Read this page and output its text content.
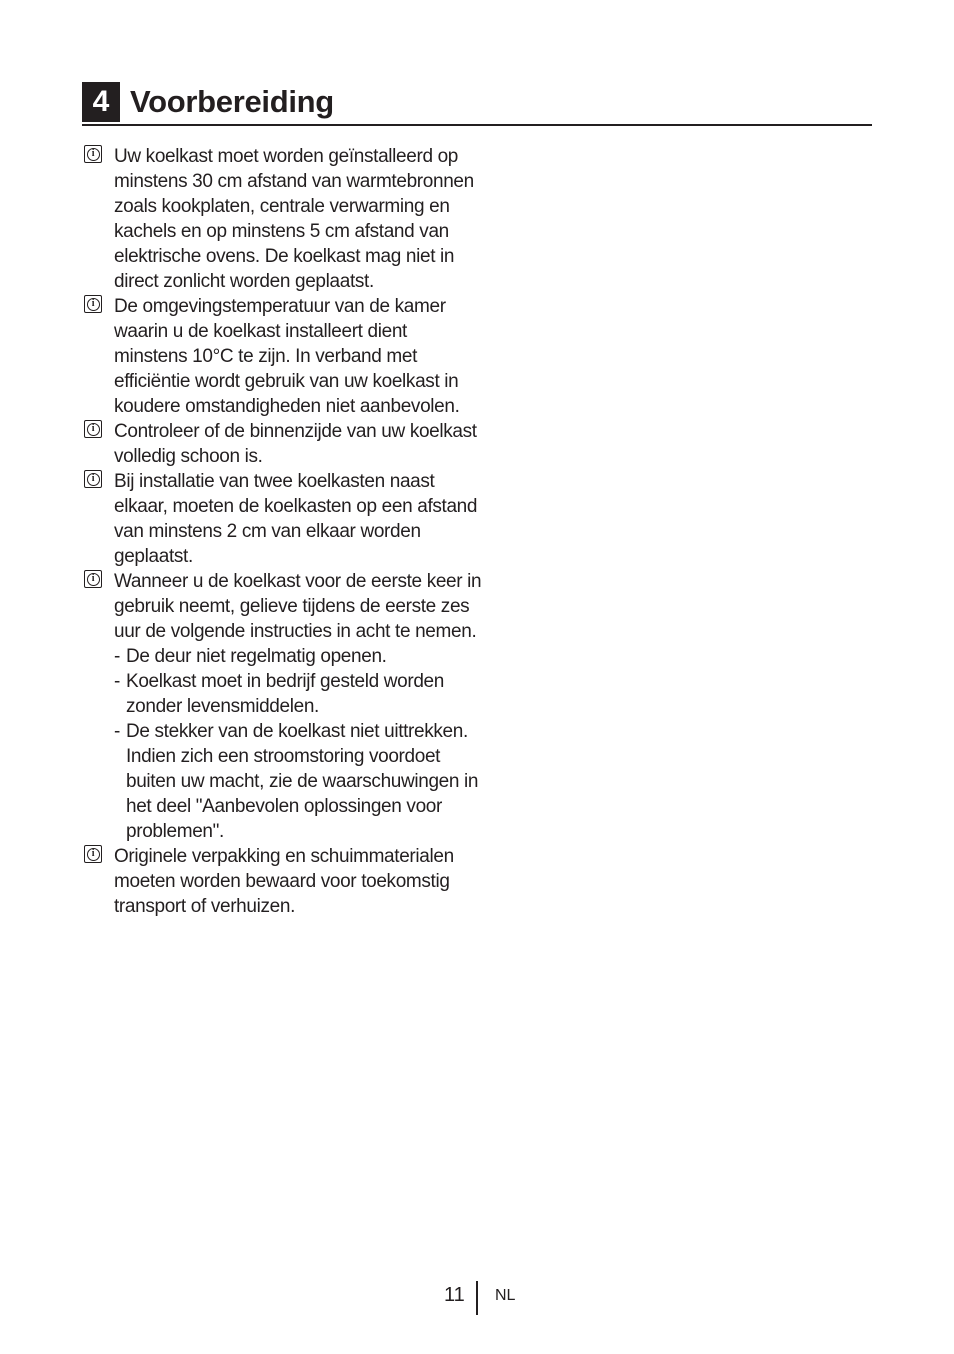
4 Voorbereiding
i Uw koelkast moet worden geïnstalleerd op minstens 30 cm afstand van warmtebronnen zoals kookplaten, centrale verwarming en kachels en op minstens 5 cm afstand van elektrische ovens. De koelkast mag niet in direct zonlicht worden geplaatst.
i De omgevingstemperatuur van de kamer waarin u de koelkast installeert dient minstens 10°C te zijn. In verband met efficiëntie wordt gebruik van uw koelkast in koudere omstandigheden niet aanbevolen.
i Controleer of de binnenzijde van uw koelkast volledig schoon is.
i Bij installatie van twee koelkasten naast elkaar, moeten de koelkasten op een afstand van minstens 2 cm van elkaar worden geplaatst.
i Wanneer u de koelkast voor de eerste keer in gebruik neemt, gelieve tijdens de eerste zes uur de volgende instructies in acht te nemen.
- De deur niet regelmatig openen.
- Koelkast moet in bedrijf gesteld worden zonder levensmiddelen.
- De stekker van de koelkast niet uittrekken. Indien zich een stroomstoring voordoet buiten uw macht, zie de waarschuwingen in het deel "Aanbevolen oplossingen voor problemen".
i Originele verpakking en schuimmaterialen moeten worden bewaard voor toekomstig transport of verhuizen.
11 NL
